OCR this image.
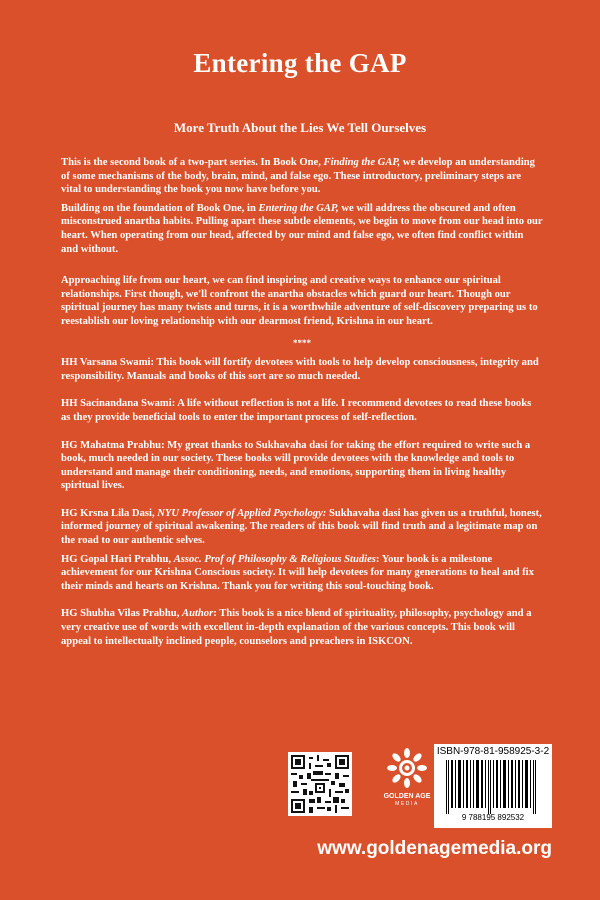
Entering the GAP
More Truth About the Lies We Tell Ourselves

This is the second book of a two-part series. In Book One, Finding the GAP, we develop an understanding of some mechanisms of the body, brain, mind, and false ego. These introductory, preliminary steps are vital to understanding the book you now have before you.

Building on the foundation of Book One, in Entering the GAP, we will address the obscured and often misconstrued anartha habits. Pulling apart these subtle elements, we begin to move from our head into our heart. When operating from our head, affected by our mind and false ego, we often find conflict within and without.

Approaching life from our heart, we can find inspiring and creative ways to enhance our spiritual relationships. First though, we'll confront the anartha obstacles which guard our heart. Though our spiritual journey has many twists and turns, it is a worthwhile adventure of self-discovery preparing us to reestablish our loving relationship with our dearmost friend, Krishna in our heart.

****

HH Varsana Swami: This book will fortify devotees with tools to help develop consciousness, integrity and responsibility. Manuals and books of this sort are so much needed.

HH Sacinandana Swami: A life without reflection is not a life. I recommend devotees to read these books as they provide beneficial tools to enter the important process of self-reflection.

HG Mahatma Prabhu: My great thanks to Sukhavaha dasi for taking the effort required to write such a book, much needed in our society. These books will provide devotees with the knowledge and tools to understand and manage their conditioning, needs, and emotions, supporting them in living healthy spiritual lives.

HG Krsna Lila Dasi, NYU Professor of Applied Psychology: Sukhavaha dasi has given us a truthful, honest, informed journey of spiritual awakening. The readers of this book will find truth and a legitimate map on the road to our authentic selves.

HG Gopal Hari Prabhu, Assoc. Prof of Philosophy & Religious Studies: Your book is a milestone achievement for our Krishna Conscious society. It will help devotees for many generations to heal and fix their minds and hearts on Krishna. Thank you for writing this soul-touching book.

HG Shubha Vilas Prabhu, Author: This book is a nice blend of spirituality, philosophy, psychology and a very creative use of words with excellent in-depth explanation of the various concepts. This book will appeal to intellectually inclined people, counselors and preachers in ISKCON.

GOLDEN AGE
MEDIA
ISBN-978-81-958925-3-2
9 788195 892532
www.goldenagemedia.org
